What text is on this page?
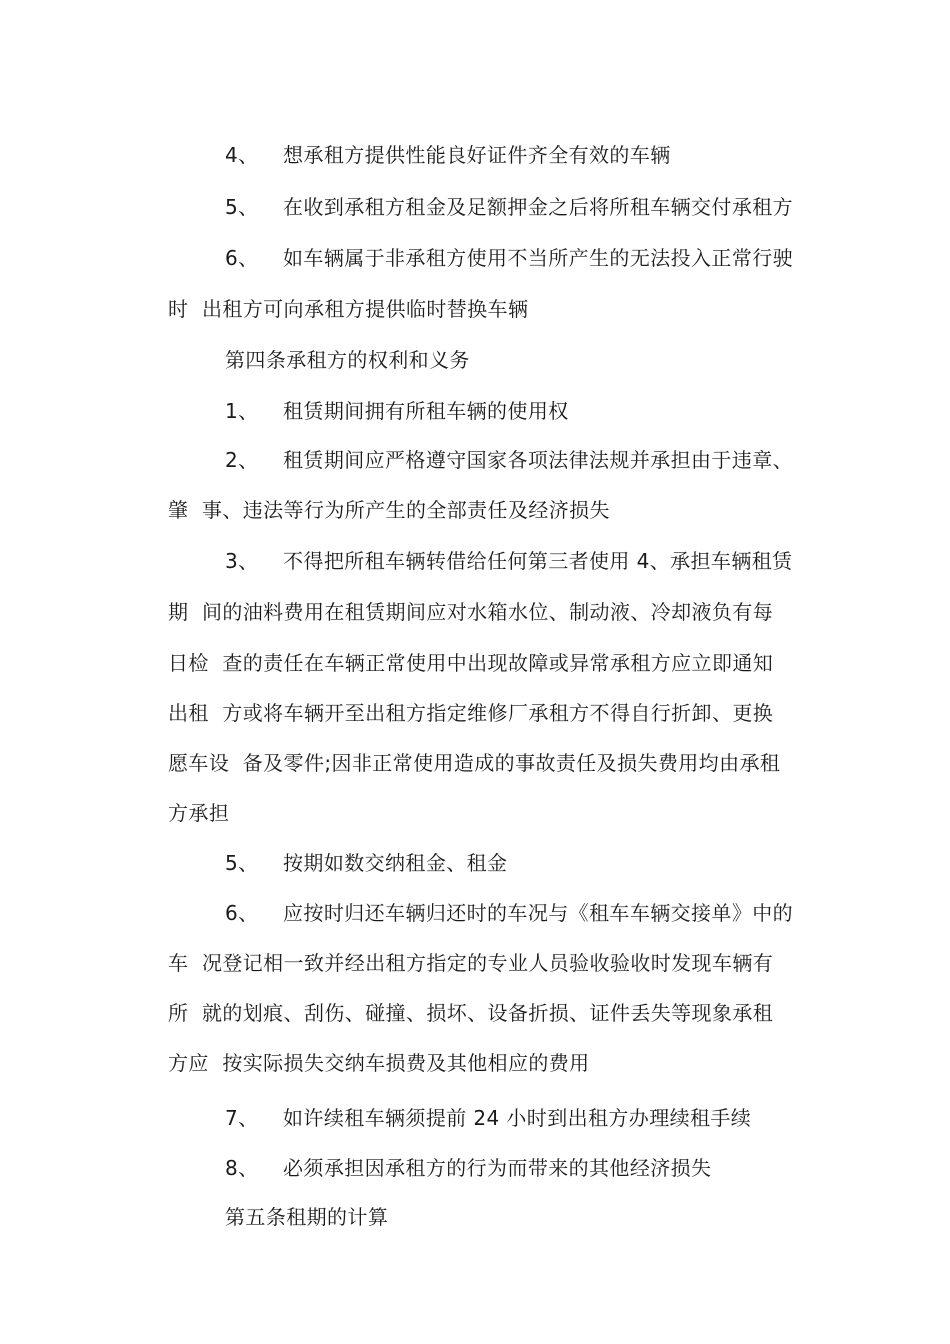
4、 想承租方提供性能良好证件齐全有效的车辆

5、 在收到承租方租金及足额押金之后将所租车辆交付承租方

6、 如车辆属于非承租方使用不当所产生的无法投入正常行驶

时  出租方可向承租方提供临时替换车辆

第四条承租方的权利和义务

1、 租赁期间拥有所租车辆的使用权

2、 租赁期间应严格遵守国家各项法律法规并承担由于违章、

肇  事、违法等行为所产生的全部责任及经济损失

3、 不得把所租车辆转借给任何第三者使用 4、承担车辆租赁

期  间的油料费用在租赁期间应对水箱水位、制动液、冷却液负有每

日检  查的责任在车辆正常使用中出现故障或异常承租方应立即通知

出租  方或将车辆开至出租方指定维修厂承租方不得自行折卸、更换

愿车设  备及零件;因非正常使用造成的事故责任及损失费用均由承租

方承担

5、 按期如数交纳租金、租金

6、 应按时归还车辆归还时的车况与《租车车辆交接单》中的

车  况登记相一致并经出租方指定的专业人员验收验收时发现车辆有

所  就的划痕、刮伤、碰撞、损坏、设备折损、证件丢失等现象承租

方应  按实际损失交纳车损费及其他相应的费用

7、 如许续租车辆须提前 24 小时到出租方办理续租手续

8、 必须承担因承租方的行为而带来的其他经济损失

第五条租期的计算
